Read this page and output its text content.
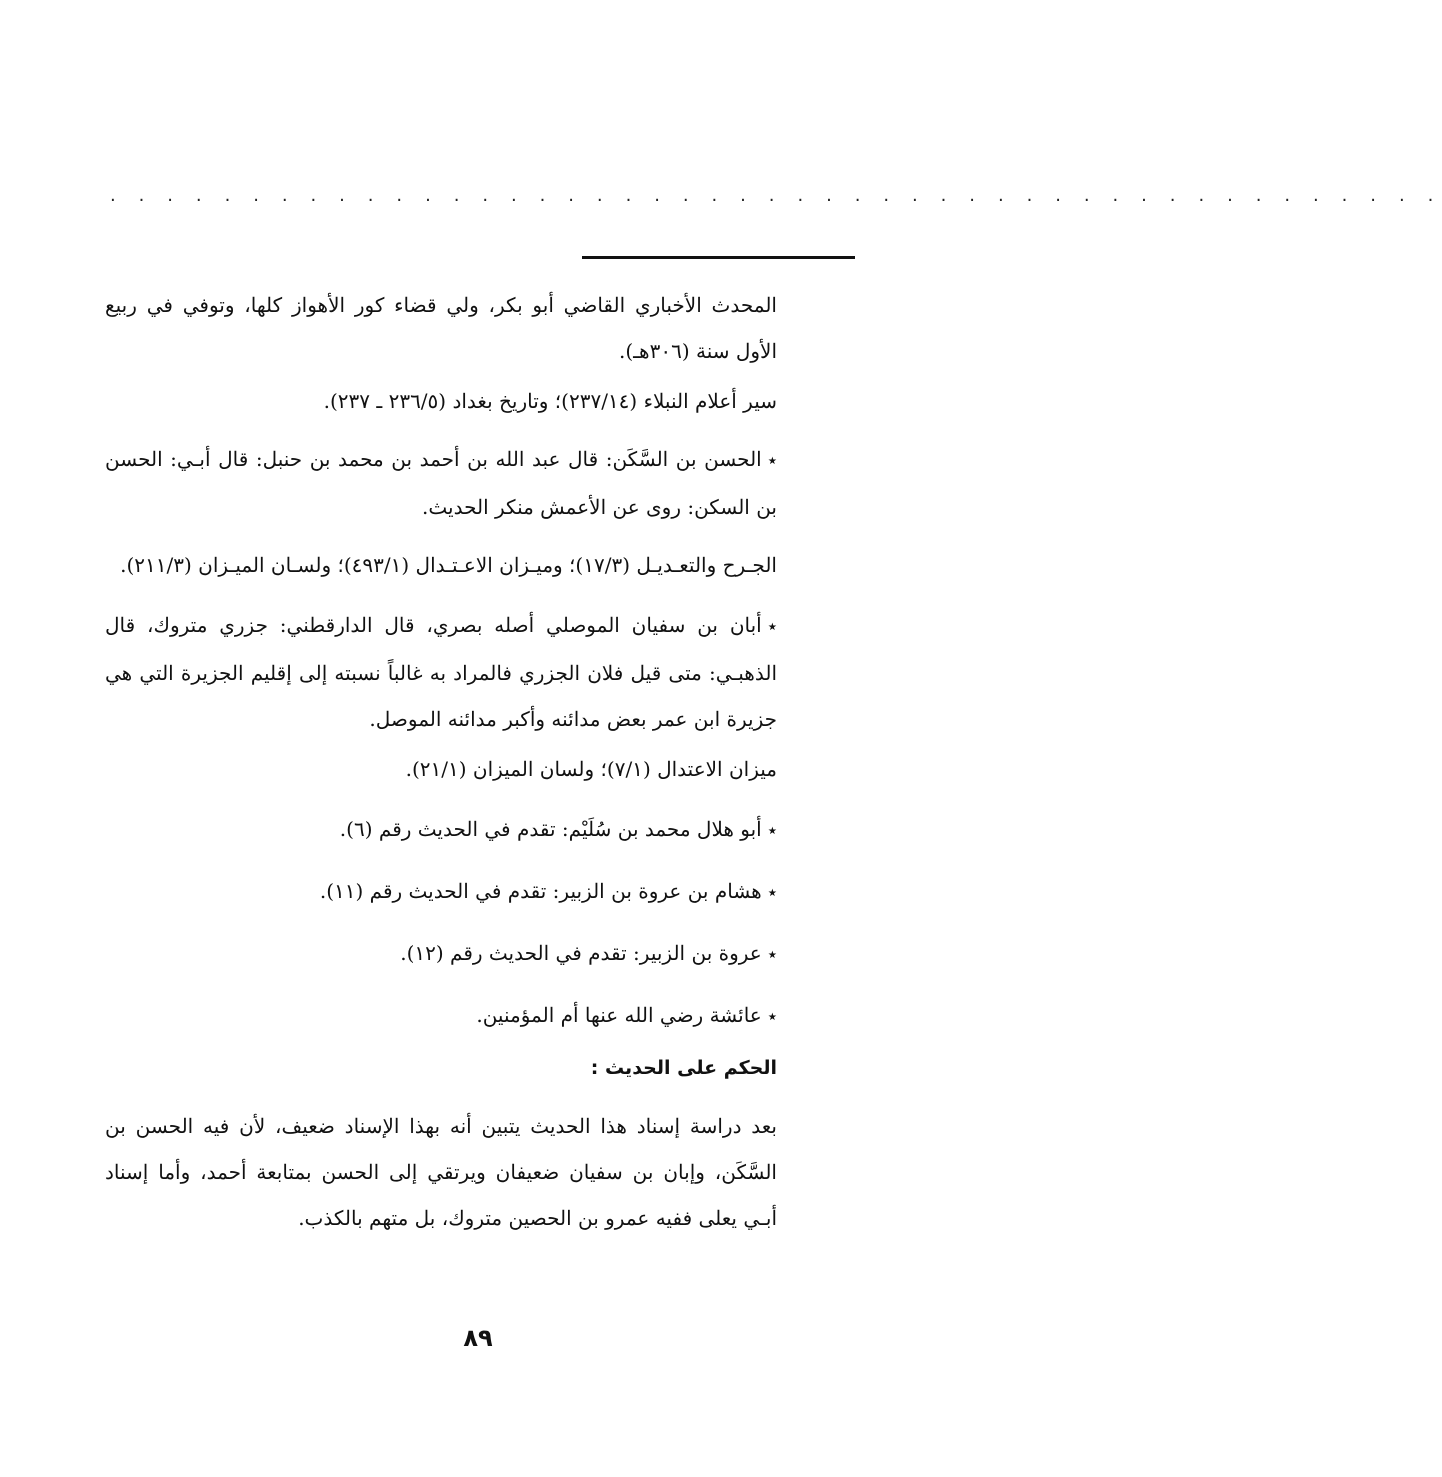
. . . . . . . . . . . . . . . . . . . . . . . . . . . . . . . . . . . . . . . . . . . . . . .

المحدث الأخباري القاضي أبو بكر، ولي قضاء كور الأهواز كلها، وتوفي في ربيع الأول سنة (٣٠٦هـ).

سير أعلام النبلاء (٢٣٧/١٤)؛ وتاريخ بغداد (٢٣٦/٥ ـ ٢٣٧).

٭الحسن بن السَّكَن: قال عبد الله بن أحمد بن محمد بن حنبل: قال أبـي: الحسن بن السكن: روى عن الأعمش منكر الحديث.

الجـرح والتعـديـل (١٧/٣)؛ وميـزان الاعـتـدال (٤٩٣/١)؛ ولسـان الميـزان (٢١١/٣).

٭أبان بن سفيان الموصلي أصله بصري، قال الدارقطني: جزري متروك، قال الذهبـي: متى قيل فلان الجزري فالمراد به غالباً نسبته إلى إقليم الجزيرة التي هي جزيرة ابن عمر بعض مدائنه وأكبر مدائنه الموصل.

ميزان الاعتدال (٧/١)؛ ولسان الميزان (٢١/١).

٭أبو هلال محمد بن سُلَيْم: تقدم في الحديث رقم (٦).

٭هشام بن عروة بن الزبير: تقدم في الحديث رقم (١١).

٭عروة بن الزبير: تقدم في الحديث رقم (١٢).

٭عائشة رضي الله عنها أم المؤمنين.

الحكم على الحديث :

بعد دراسة إسناد هذا الحديث يتبين أنه بهذا الإسناد ضعيف، لأن فيه الحسن بن السَّكَن، وإبان بن سفيان ضعيفان ويرتقي إلى الحسن بمتابعة أحمد، وأما إسناد أبـي يعلى ففيه عمرو بن الحصين متروك، بل متهم بالكذب.

٨٩
